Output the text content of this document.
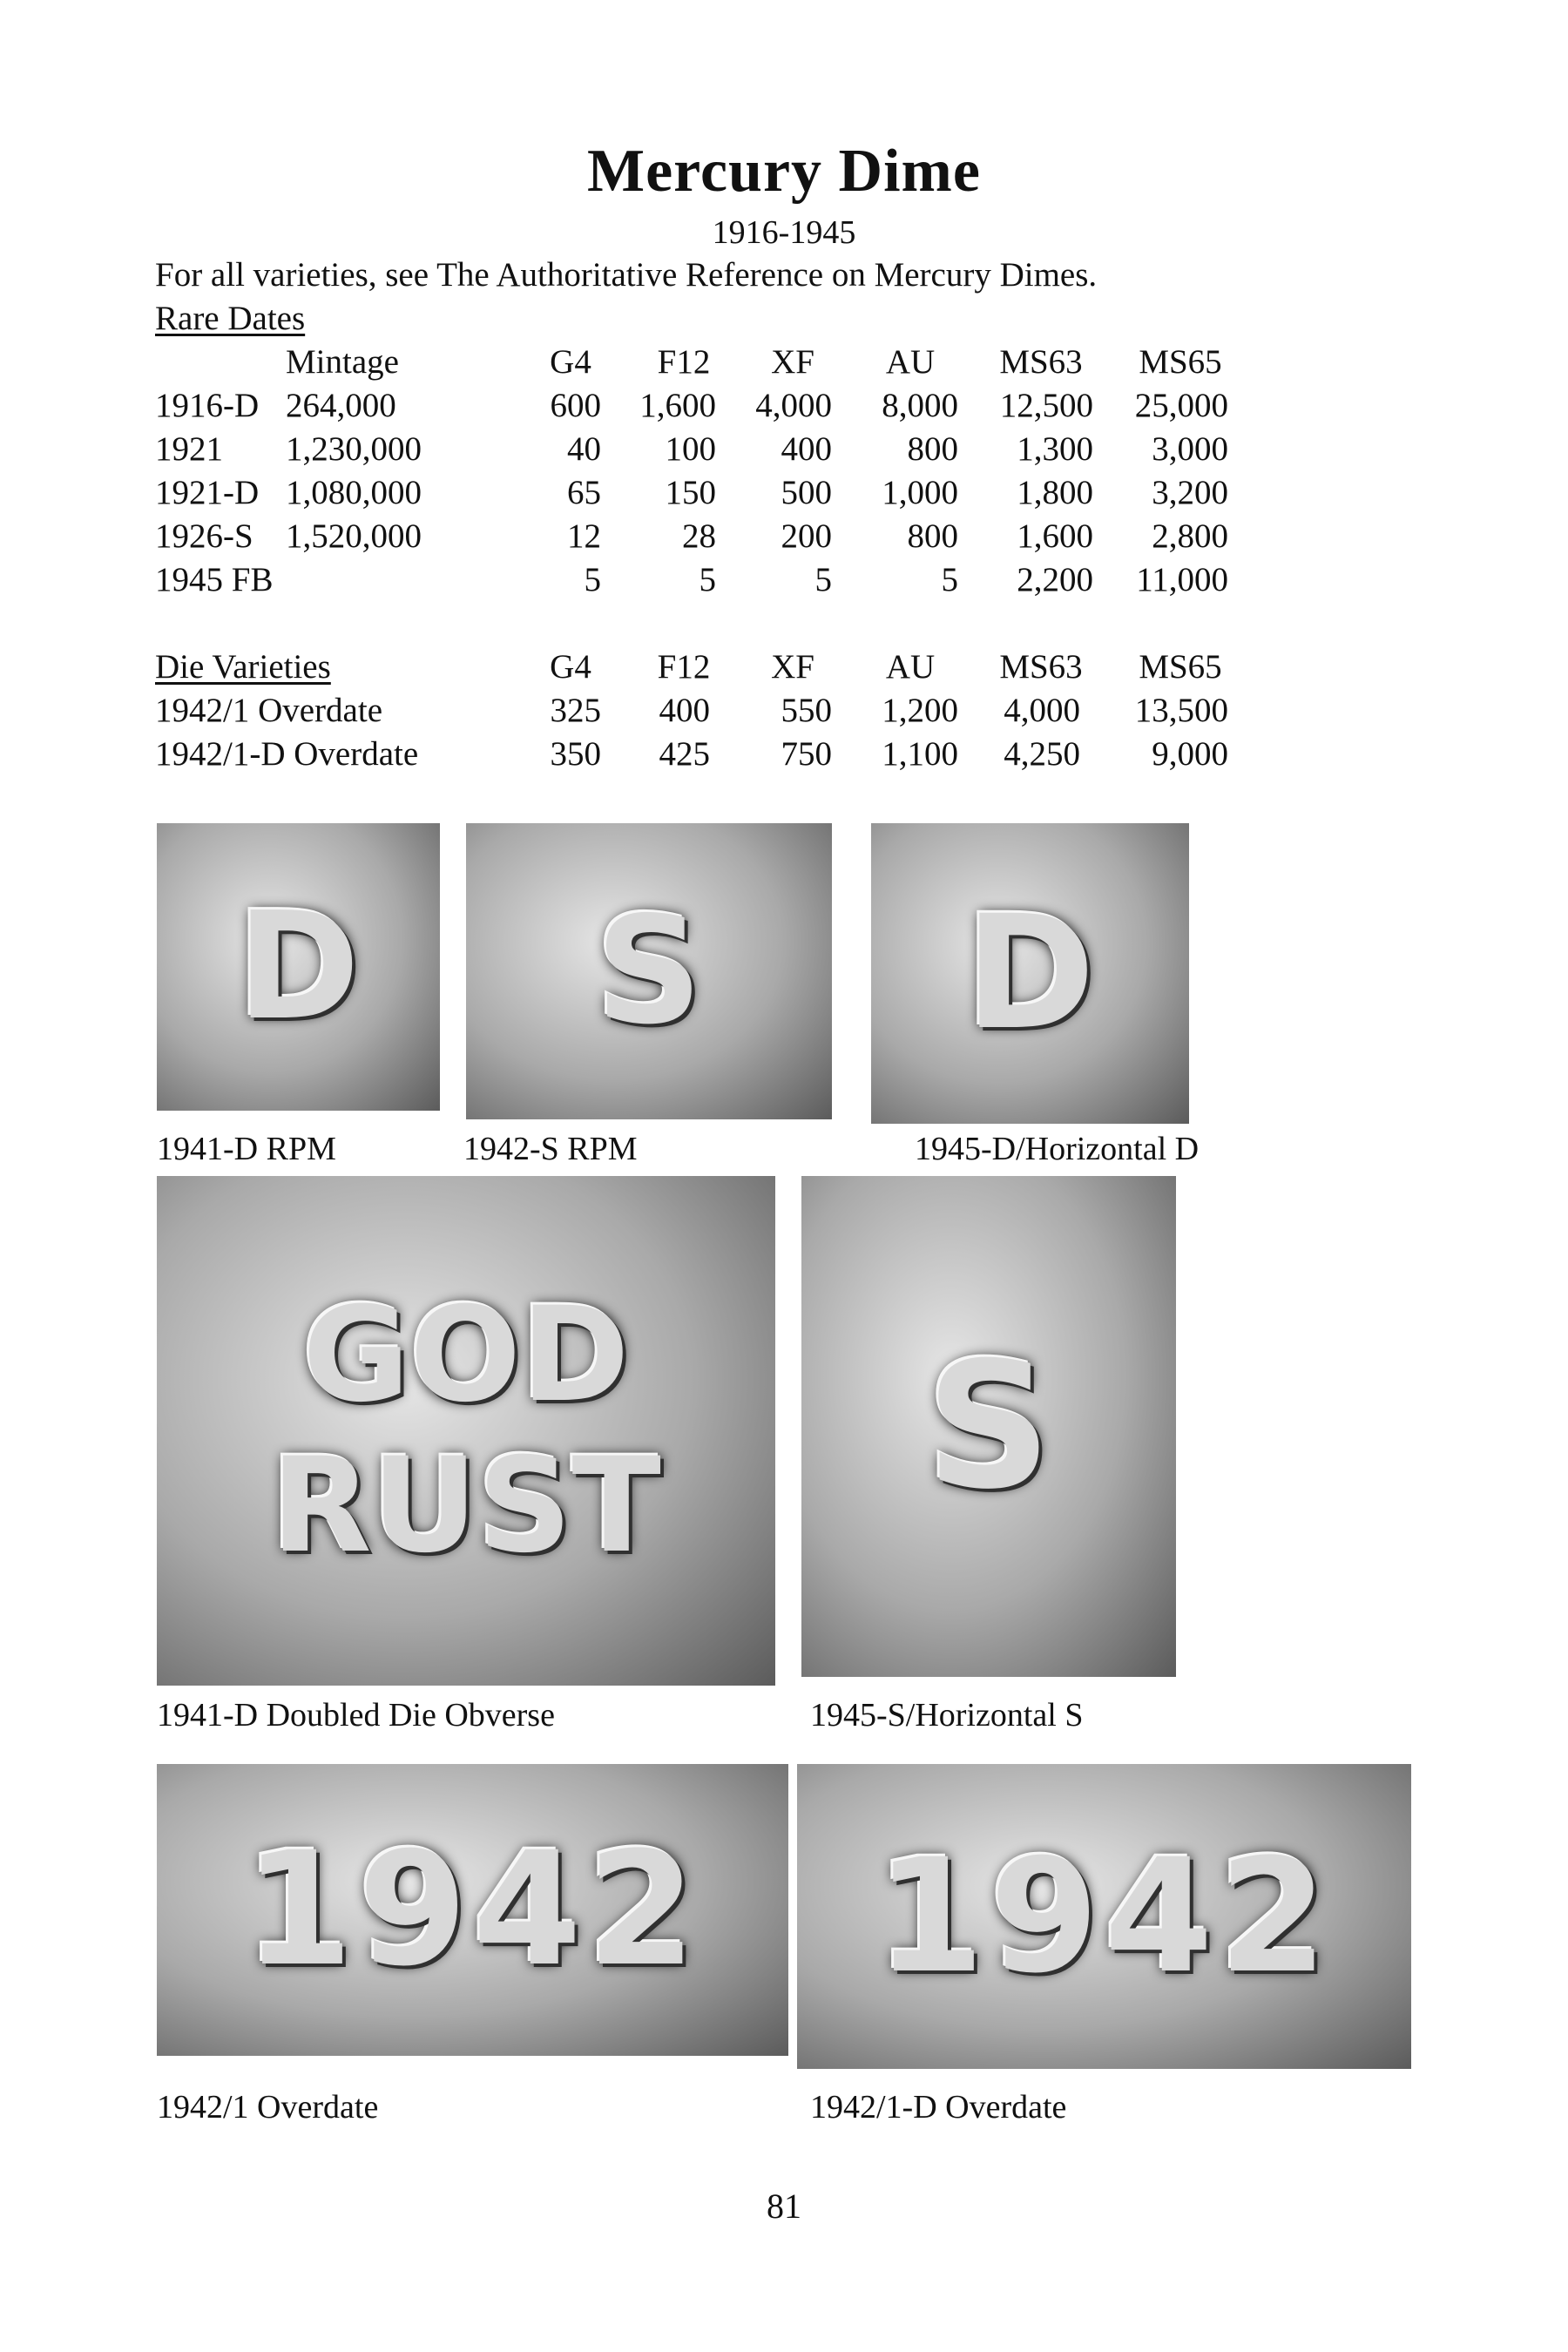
Mercury Dime
1916-1945
For all varieties, see The Authoritative Reference on Mercury Dimes.
Rare Dates
Mintage	G4	F12	XF	AU	MS63	MS65
1916-D 264,000	600	1,600	4,000	8,000	12,500	25,000
1921 1,230,000	40	100	400	800	1,300	3,000
1921-D 1,080,000	65	150	500	1,000	1,800	3,200
1926-S 1,520,000	12	28	200	800	1,600	2,800
1945 FB	5	5	5	5	2,200	11,000
Die Varieties	G4	F12	XF	AU	MS63	MS65
1942/1 Overdate	325	400	550	1,200	4,000	13,500
1942/1-D Overdate	350	425	750	1,100	4,250	9,000
D	S	D
1941-D RPM	1942-S RPM	1945-D/Horizontal D
GOD
RUST	S
1941-D Doubled Die Obverse	1945-S/Horizontal S
1942	1942
1942/1 Overdate	1942/1-D Overdate
81
